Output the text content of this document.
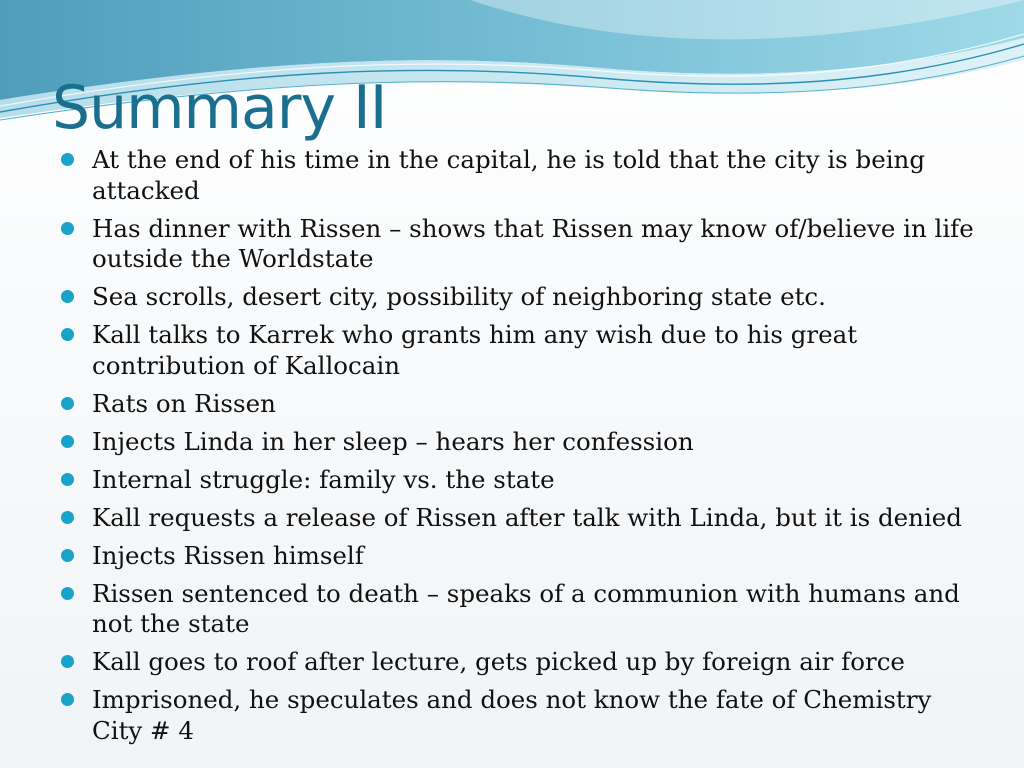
Summary II
At the end of his time in the capital, he is told that the city is being attacked
Has dinner with Rissen – shows that Rissen may know of/believe in life outside the Worldstate
Sea scrolls, desert city, possibility of neighboring state etc.
Kall talks to Karrek who grants him any wish due to his great contribution of Kallocain
Rats on Rissen
Injects Linda in her sleep – hears her confession
Internal struggle: family vs. the state
Kall requests a release of Rissen after talk with Linda, but it is denied
Injects Rissen himself
Rissen sentenced to death – speaks of a communion with humans and not the state
Kall goes to roof after lecture, gets picked up by foreign air force
Imprisoned, he speculates and does not know the fate of Chemistry City # 4
